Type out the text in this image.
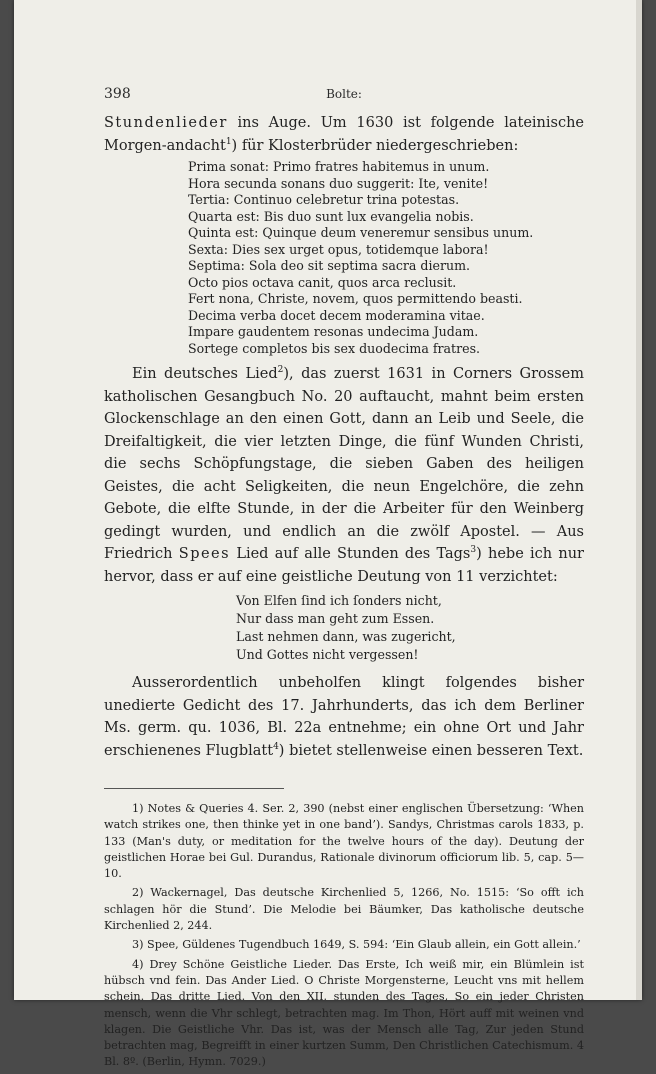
398	Bolte:

Stundenlieder ins Auge. Um 1630 ist folgende lateinische Morgen-andacht$^1$) für Klosterbrüder niedergeschrieben:

Prima sonat: Primo fratres habitemus in unum.
Hora secunda sonans duo suggerit: Ite, venite!
Tertia: Continuo celebretur trina potestas.
Quarta est: Bis duo sunt lux evangelia nobis.
Quinta est: Quinque deum veneremur sensibus unum.
Sexta: Dies sex urget opus, totidemque labora!
Septima: Sola deo sit septima sacra dierum.
Octo pios octava canit, quos arca reclusit.
Fert nona, Christe, novem, quos permittendo beasti.
Decima verba docet decem moderamina vitae.
Impare gaudentem resonas undecima Judam.
Sortege completos bis sex duodecima fratres.

Ein deutsches Lied$^2$), das zuerst 1631 in Corners Grossem katholischen Gesangbuch No. 20 auftaucht, mahnt beim ersten Glockenschlage an den einen Gott, dann an Leib und Seele, die Dreifaltigkeit, die vier letzten Dinge, die fünf Wunden Christi, die sechs Schöpfungstage, die sieben Gaben des heiligen Geistes, die acht Seligkeiten, die neun Engelchöre, die zehn Gebote, die elfte Stunde, in der die Arbeiter für den Weinberg gedingt wurden, und endlich an die zwölf Apostel. — Aus Friedrich Spees Lied auf alle Stunden des Tags$^3$) hebe ich nur hervor, dass er auf eine geistliche Deutung von 11 verzichtet:

Von Elfen ſind ich ſonders nicht,
Nur dass man geht zum Essen.
Last nehmen dann, was zugericht,
Und Gottes nicht vergessen!

Ausserordentlich unbeholfen klingt folgendes bisher unedierte Gedicht des 17. Jahrhunderts, das ich dem Berliner Ms. germ. qu. 1036, Bl. 22a entnehme; ein ohne Ort und Jahr erschienenes Flugblatt$^4$) bietet stellenweise einen besseren Text.

1) Notes & Queries 4. Ser. 2, 390 (nebst einer englischen Übersetzung: ‘When watch strikes one, then thinke yet in one band’). Sandys, Christmas carols 1833, p. 133 (Man's duty, or meditation for the twelve hours of the day). Deutung der geistlichen Horae bei Gul. Durandus, Rationale divinorum officiorum lib. 5, cap. 5—10.
2) Wackernagel, Das deutsche Kirchenlied 5, 1266, No. 1515: ‘So offt ich schlagen hör die Stund’. Die Melodie bei Bäumker, Das katholische deutsche Kirchenlied 2, 244.
3) Spee, Güldenes Tugendbuch 1649, S. 594: ‘Ein Glaub allein, ein Gott allein.’
4) Drey Schöne Geistliche Lieder. Das Erste, Ich weiß mir, ein Blümlein ist hübsch vnd fein. Das Ander Lied. O Christe Morgensterne, Leucht vns mit hellem schein. Das dritte Lied. Von den XII. stunden des Tages, So ein jeder Christen mensch, wenn die Vhr schlegt, betrachten mag. Im Thon, Hört auff mit weinen vnd klagen. Die Geistliche Vhr. Das ist, was der Mensch alle Tag, Zur jeden Stund betrachten mag, Begreifft in einer kurtzen Summ, Den Christlichen Catechismum. 4 Bl. 8º. (Berlin, Hymn. 7029.)
